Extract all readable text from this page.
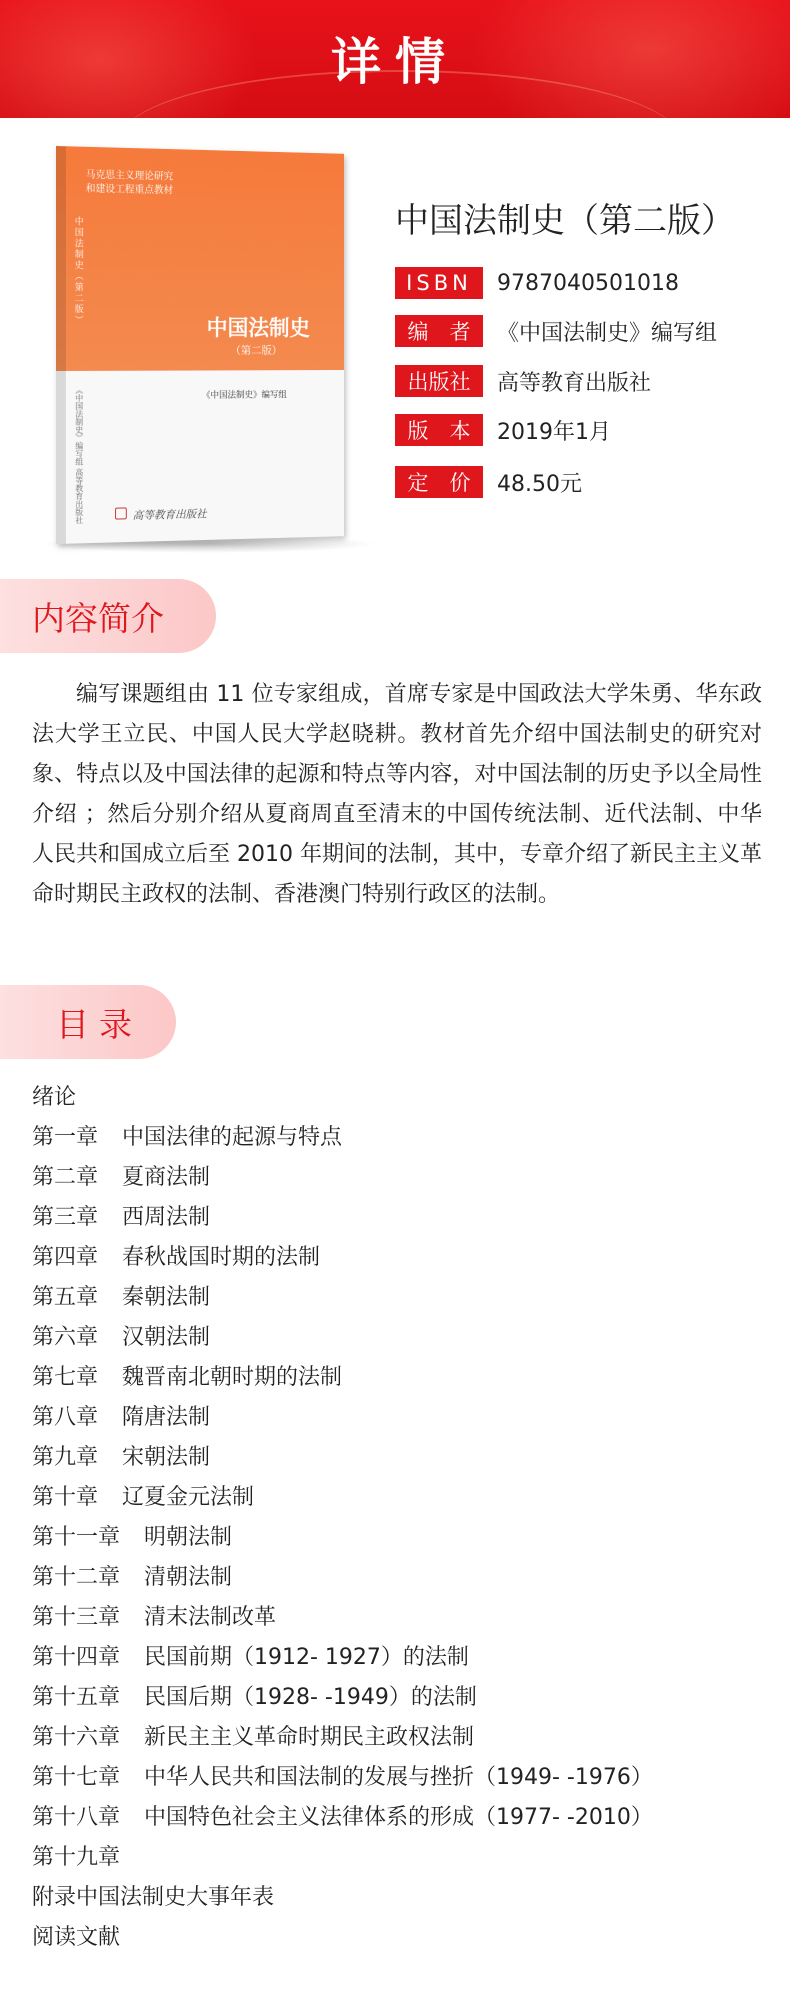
详情
马克思主义理论研究
和建设工程重点教材
中国法制史（第二版）
中国法制史
（第二版）
《中国法制史》编写组
《中国法制史》编写组 高等教育出版社	高等教育出版社
中国法制史（第二版）
ISBN	9787040501018
编　者	《中国法制史》编写组
出版社	高等教育出版社
版　本	2019年1月
定　价	48.50元
内容简介

编写课题组由 11 位专家组成，首席专家是中国政法大学朱勇、华东政法大学王立民、中国人民大学赵晓耕。教材首先介绍中国法制史的研究对象、特点以及中国法律的起源和特点等内容，对中国法制的历史予以全局性介绍 ；然后分别介绍从夏商周直至清末的中国传统法制、近代法制、中华人民共和国成立后至 2010 年期间的法制，其中，专章介绍了新民主主义革命时期民主政权的法制、香港澳门特别行政区的法制。

目录
绪论
第一章 中国法律的起源与特点
第二章 夏商法制
第三章 西周法制
第四章 春秋战国时期的法制
第五章 秦朝法制
第六章 汉朝法制
第七章 魏晋南北朝时期的法制
第八章 隋唐法制
第九章 宋朝法制
第十章 辽夏金元法制
第十一章 明朝法制
第十二章 清朝法制
第十三章 清末法制改革
第十四章 民国前期（1912- 1927）的法制
第十五章 民国后期（1928- -1949）的法制
第十六章 新民主主义革命时期民主政权法制
第十七章 中华人民共和国法制的发展与挫折（1949- -1976）
第十八章 中国特色社会主义法律体系的形成（1977- -2010）
第十九章
附录中国法制史大事年表
阅读文献
